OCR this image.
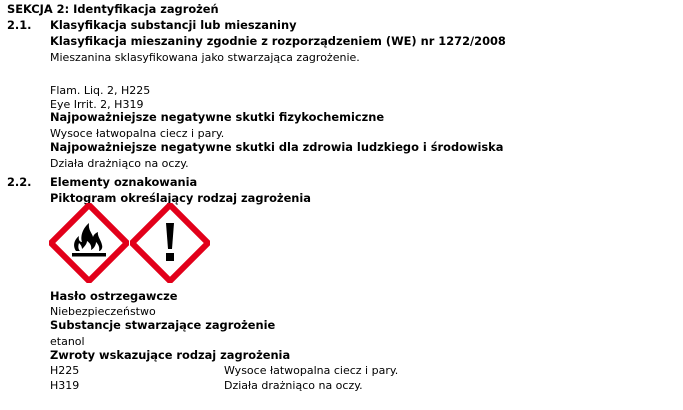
SEKCJA 2: Identyfikacja zagrożeń
2.1. Klasyfikacja substancji lub mieszaniny
Klasyfikacja mieszaniny zgodnie z rozporządzeniem (WE) nr 1272/2008
Mieszanina sklasyfikowana jako stwarzająca zagrożenie.
Flam. Liq. 2, H225
Eye Irrit. 2, H319
Najpoważniejsze negatywne skutki fizykochemiczne
Wysoce łatwopalna ciecz i pary.
Najpoważniejsze negatywne skutki dla zdrowia ludzkiego i środowiska
Działa drażniąco na oczy.
2.2. Elementy oznakowania
Piktogram określający rodzaj zagrożenia
Hasło ostrzegawcze
Niebezpieczeństwo
Substancje stwarzające zagrożenie
etanol
Zwroty wskazujące rodzaj zagrożenia
H225	Wysoce łatwopalna ciecz i pary.
H319	Działa drażniąco na oczy.
